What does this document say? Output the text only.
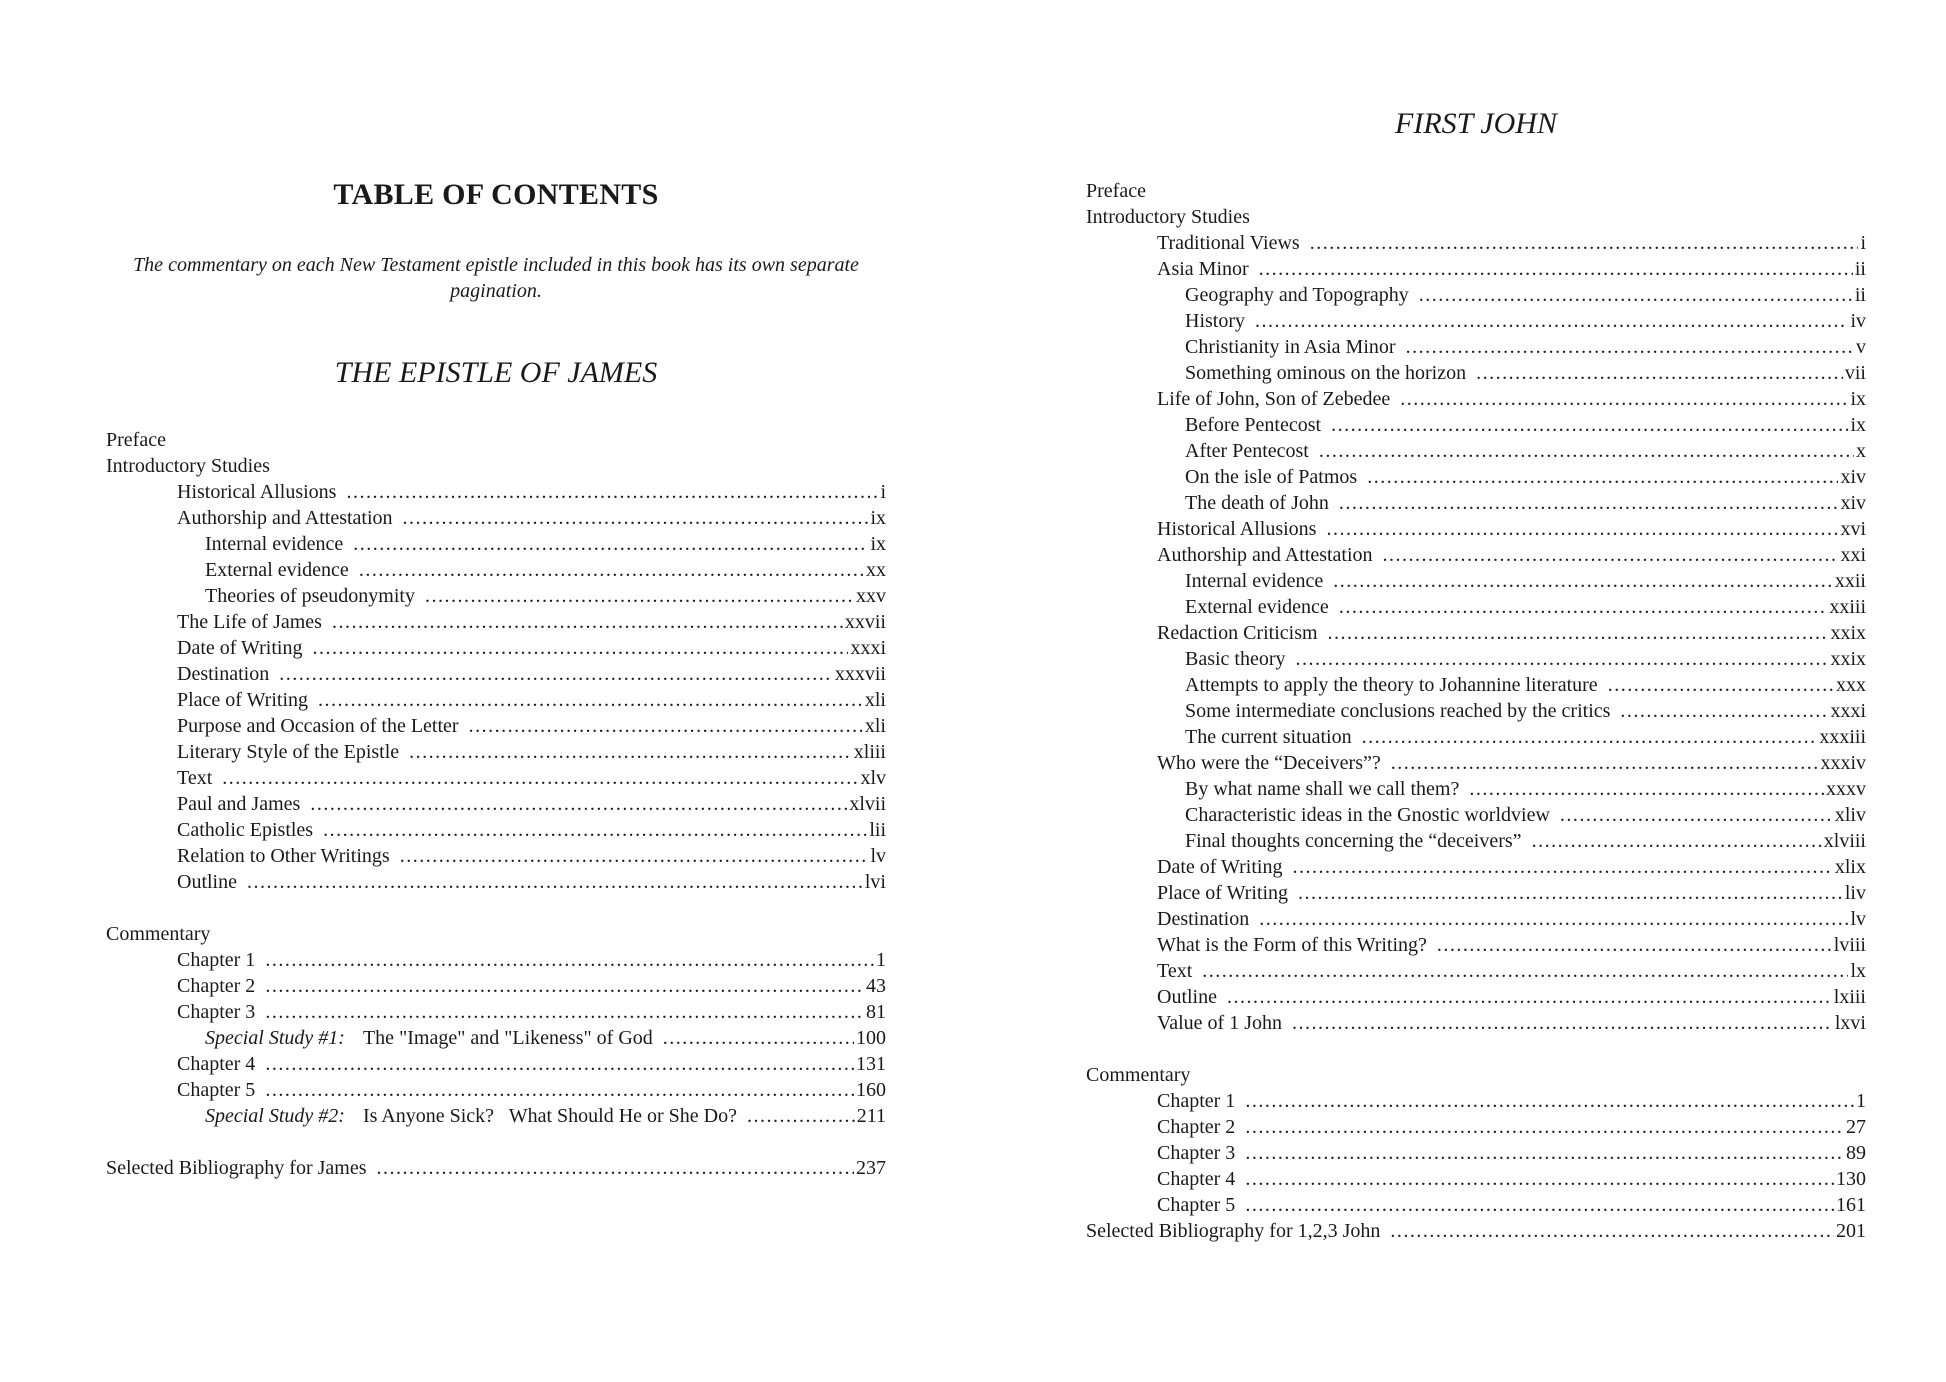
TABLE OF CONTENTS
The commentary on each New Testament epistle included in this book has its own separate pagination.
THE EPISTLE OF JAMES
Preface
Introductory Studies
Historical Allusions .....	i
Authorship and Attestation .....	ix
Internal evidence .....	ix
External evidence .....	xx
Theories of pseudonymity .....	xxv
The Life of James .....	xxvii
Date of Writing .....	xxxi
Destination .....	xxxvii
Place of Writing .....	xli
Purpose and Occasion of the Letter .....	xli
Literary Style of the Epistle .....	xliii
Text .....	xlv
Paul and James .....	xlvii
Catholic Epistles .....	lii
Relation to Other Writings .....	lv
Outline .....	lvi
Commentary
Chapter 1 .....	1
Chapter 2 .....	43
Chapter 3 .....	81
Special Study #1: The "Image" and "Likeness" of God .....	100
Chapter 4 .....	131
Chapter 5 .....	160
Special Study #2: Is Anyone Sick?   What Should He or She Do? .....	211
Selected Bibliography for James .....	237
FIRST JOHN
Preface
Introductory Studies
Traditional Views .....	i
Asia Minor .....	ii
Geography and Topography .....	ii
History .....	iv
Christianity in Asia Minor .....	v
Something ominous on the horizon .....	vii
Life of John, Son of Zebedee .....	ix
Before Pentecost .....	ix
After Pentecost .....	x
On the isle of Patmos .....	xiv
The death of John .....	xiv
Historical Allusions .....	xvi
Authorship and Attestation .....	xxi
Internal evidence .....	xxii
External evidence .....	xxiii
Redaction Criticism .....	xxix
Basic theory .....	xxix
Attempts to apply the theory to Johannine literature .....	xxx
Some intermediate conclusions reached by the critics .....	xxxi
The current situation .....	xxxiii
Who were the “Deceivers”? .....	xxxiv
By what name shall we call them? .....	xxxv
Characteristic ideas in the Gnostic worldview .....	xliv
Final thoughts concerning the “deceivers” .....	xlviii
Date of Writing .....	xlix
Place of Writing .....	liv
Destination .....	lv
What is the Form of this Writing? .....	lviii
Text .....	lx
Outline .....	lxiii
Value of 1 John .....	lxvi
Commentary
Chapter 1 .....	1
Chapter 2 .....	27
Chapter 3 .....	89
Chapter 4 .....	130
Chapter 5 .....	161
Selected Bibliography for 1,2,3 John .....	201
